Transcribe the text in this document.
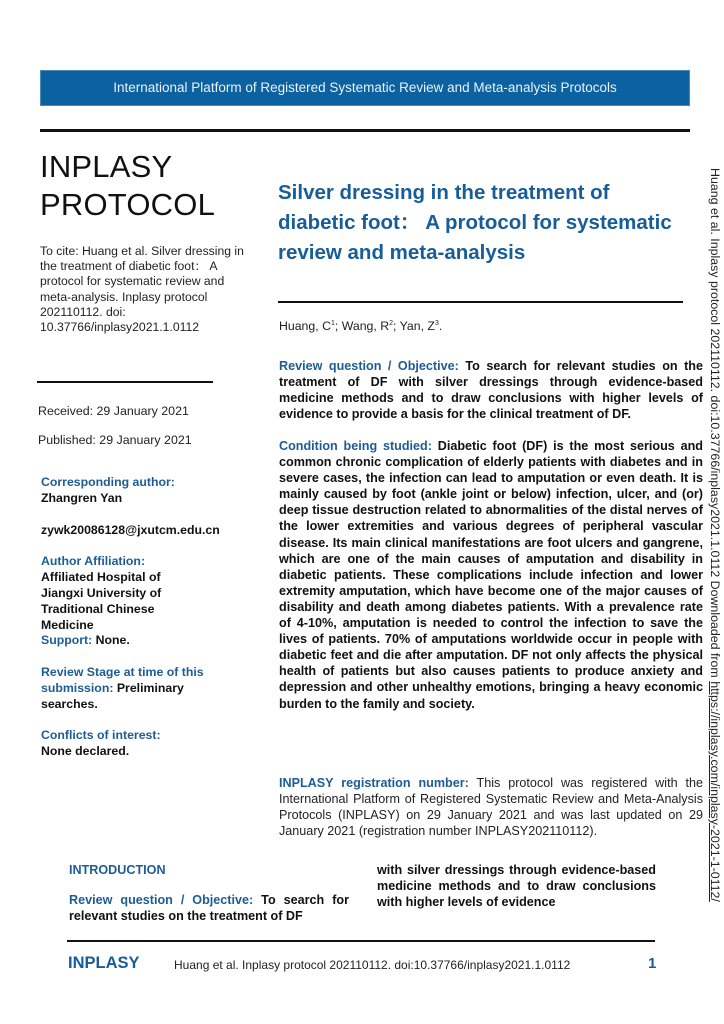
International Platform of Registered Systematic Review and Meta-analysis Protocols
INPLASY
PROTOCOL
To cite: Huang et al. Silver dressing in the treatment of diabetic foot： A protocol for systematic review and meta-analysis. Inplasy protocol 202110112. doi: 10.37766/inplasy2021.1.0112
Received: 29 January 2021
Published: 29 January 2021
Corresponding author:
Zhangren Yan
zywk20086128@jxutcm.edu.cn
Author Affiliation:
Affiliated Hospital of Jiangxi University of Traditional Chinese Medicine
Support: None.
Review Stage at time of this submission: Preliminary searches.
Conflicts of interest:
None declared.
Silver dressing in the treatment of diabetic foot： A protocol for systematic review and meta-analysis
Huang, $C^1$; Wang, $R^2$; Yan, $Z^3$.
Review question / Objective: To search for relevant studies on the treatment of DF with silver dressings through evidence-based medicine methods and to draw conclusions with higher levels of evidence to provide a basis for the clinical treatment of DF.
Condition being studied: Diabetic foot (DF) is the most serious and common chronic complication of elderly patients with diabetes and in severe cases, the infection can lead to amputation or even death. It is mainly caused by foot (ankle joint or below) infection, ulcer, and (or) deep tissue destruction related to abnormalities of the distal nerves of the lower extremities and various degrees of peripheral vascular disease. Its main clinical manifestations are foot ulcers and gangrene, which are one of the main causes of amputation and disability in diabetic patients. These complications include infection and lower extremity amputation, which have become one of the major causes of disability and death among diabetes patients. With a prevalence rate of 4-10%, amputation is needed to control the infection to save the lives of patients. 70% of amputations worldwide occur in people with diabetic feet and die after amputation. DF not only affects the physical health of patients but also causes patients to produce anxiety and depression and other unhealthy emotions, bringing a heavy economic burden to the family and society.
INPLASY registration number: This protocol was registered with the International Platform of Registered Systematic Review and Meta-Analysis Protocols (INPLASY) on 29 January 2021 and was last updated on 29 January 2021 (registration number INPLASY202110112).
INTRODUCTION
Review question / Objective: To search for relevant studies on the treatment of DF
with silver dressings through evidence-based medicine methods and to draw conclusions with higher levels of evidence
INPLASY	Huang et al. Inplasy protocol 202110112. doi:10.37766/inplasy2021.1.0112	1
Huang et al. Inplasy protocol 202110112. doi:10.37766/inplasy2021.1.0112 Downloaded from https://inplasy.com/inplasy-2021-1-0112/
